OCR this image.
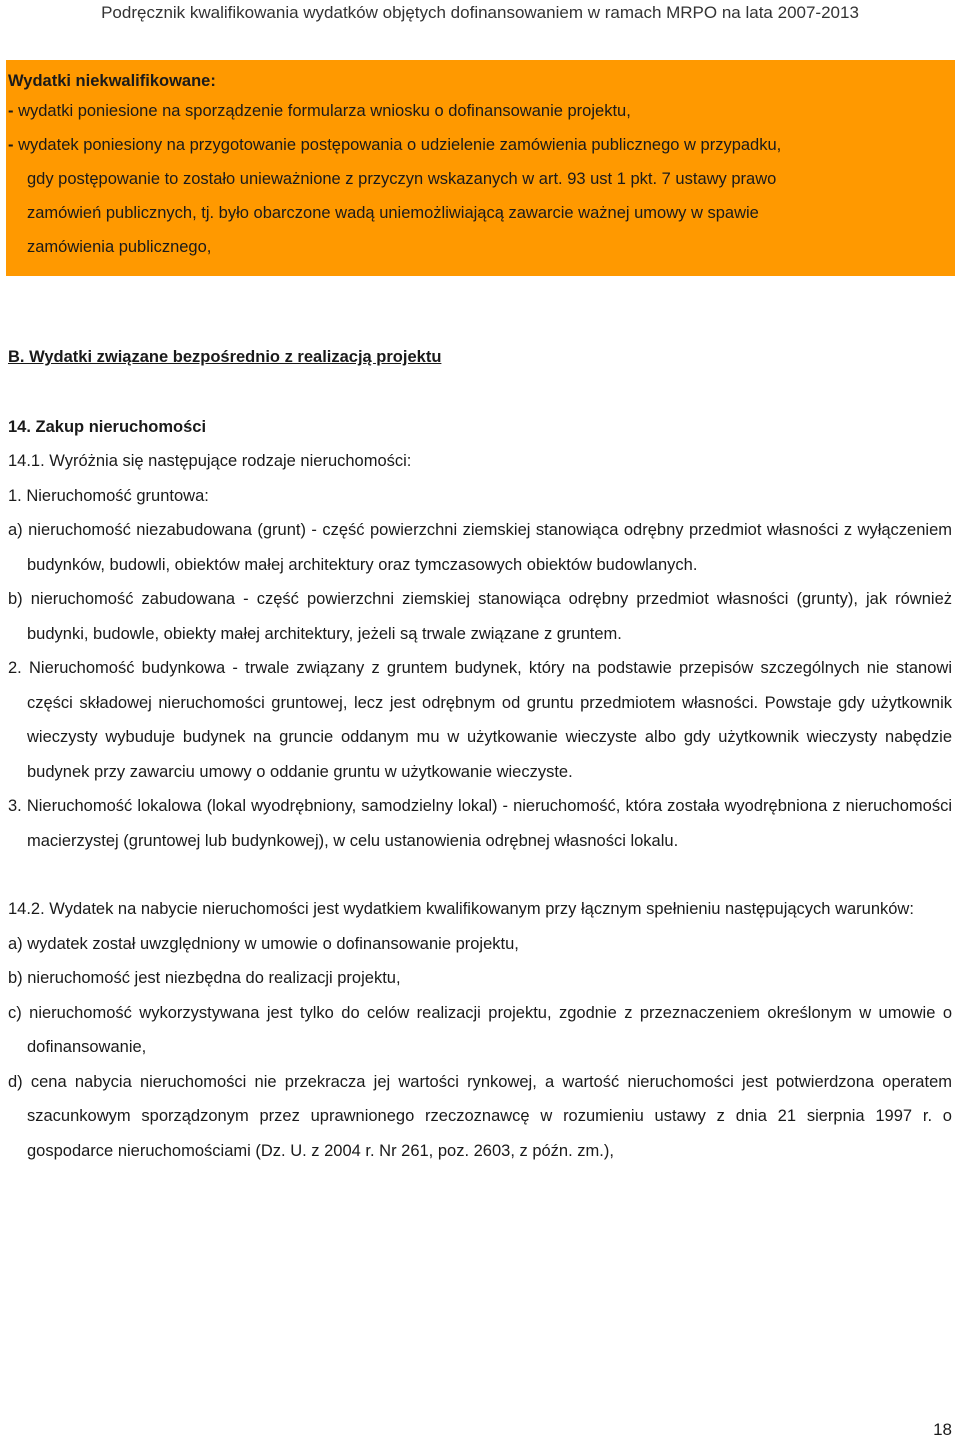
Podręcznik kwalifikowania wydatków objętych dofinansowaniem w ramach MRPO na lata 2007-2013
Wydatki niekwalifikowane:
- wydatki poniesione na sporządzenie formularza wniosku o dofinansowanie projektu,
- wydatek poniesiony na przygotowanie postępowania o udzielenie zamówienia publicznego w przypadku,
gdy postępowanie to zostało unieważnione z przyczyn wskazanych w art. 93 ust 1 pkt. 7 ustawy prawo
zamówień publicznych, tj. było obarczone wadą uniemożliwiającą zawarcie ważnej umowy w spawie
zamówienia publicznego,
B. Wydatki związane bezpośrednio z realizacją projektu
14. Zakup nieruchomości
14.1. Wyróżnia się następujące rodzaje nieruchomości:
1. Nieruchomość gruntowa:
a) nieruchomość niezabudowana (grunt) - część powierzchni ziemskiej stanowiąca odrębny przedmiot własności z wyłączeniem budynków, budowli, obiektów małej architektury oraz tymczasowych obiektów budowlanych.
b) nieruchomość zabudowana - część powierzchni ziemskiej stanowiąca odrębny przedmiot własności (grunty), jak również budynki, budowle, obiekty małej architektury, jeżeli są trwale związane z gruntem.
2. Nieruchomość budynkowa - trwale związany z gruntem budynek, który na podstawie przepisów szczególnych nie stanowi części składowej nieruchomości gruntowej, lecz jest odrębnym od gruntu przedmiotem własności. Powstaje gdy użytkownik wieczysty wybuduje budynek na gruncie oddanym mu w użytkowanie wieczyste albo gdy użytkownik wieczysty nabędzie budynek przy zawarciu umowy o oddanie gruntu w użytkowanie wieczyste.
3. Nieruchomość lokalowa (lokal wyodrębniony, samodzielny lokal) - nieruchomość, która została wyodrębniona z nieruchomości macierzystej (gruntowej lub budynkowej), w celu ustanowienia odrębnej własności lokalu.
14.2. Wydatek na nabycie nieruchomości jest wydatkiem kwalifikowanym przy łącznym spełnieniu następujących warunków:
a) wydatek został uwzględniony w umowie o dofinansowanie projektu,
b) nieruchomość jest niezbędna do realizacji projektu,
c) nieruchomość wykorzystywana jest tylko do celów realizacji projektu, zgodnie z przeznaczeniem określonym w umowie o dofinansowanie,
d) cena nabycia nieruchomości nie przekracza jej wartości rynkowej, a wartość nieruchomości jest potwierdzona operatem szacunkowym sporządzonym przez uprawnionego rzeczoznawcę w rozumieniu ustawy z dnia 21 sierpnia 1997 r. o gospodarce nieruchomościami (Dz. U. z 2004 r. Nr 261, poz. 2603, z późn. zm.),
18
